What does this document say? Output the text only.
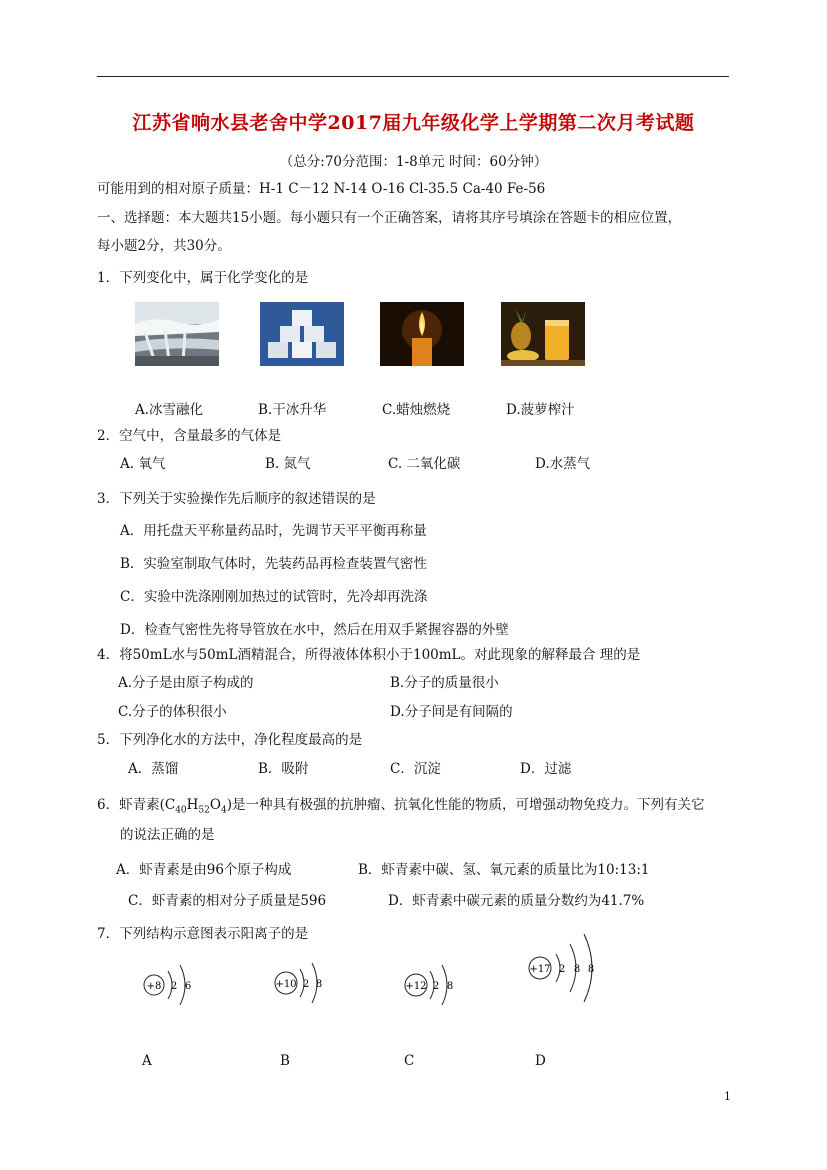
江苏省响水县老舍中学2017届九年级化学上学期第二次月考试题
（总分:70分范围：1-8单元 时间：60分钟）
可能用到的相对原子质量：H-1 C－12 N-14 O-16 Cl-35.5 Ca-40 Fe-56
一、选择题：本大题共15小题。每小题只有一个正确答案，请将其序号填涂在答题卡的相应位置，
每小题2分，共30分。
1．下列变化中，属于化学变化的是
A.冰雪融化	B.干冰升华	C.蜡烛燃烧	D.菠萝榨汁
2．空气中，含量最多的气体是
A. 氧气	B. 氮气	C. 二氧化碳	D.水蒸气
3．下列关于实验操作先后顺序的叙述错误的是
A．用托盘天平称量药品时，先调节天平平衡再称量
B．实验室制取气体时，先装药品再检查装置气密性
C．实验中洗涤刚刚加热过的试管时，先冷却再洗涤
D．检查气密性先将导管放在水中，然后在用双手紧握容器的外壁
4．将50mL水与50mL酒精混合，所得液体体积小于100mL。对此现象的解释最合 理的是
A.分子是由原子构成的	B.分子的质量很小
C.分子的体积很小	D.分子间是有间隔的
5．下列净化水的方法中，净化程度最高的是
A．蒸馏	B．吸附	C．沉淀	D．过滤
6．虾青素$(C_{40}H_{52}O_4)$是一种具有极强的抗肿瘤、抗氧化性能的物质，可增强动物免疫力。下列有关它
的说法正确的是
A．虾青素是由96个原子构成	B．虾青素中碳、氢、氧元素的质量比为10:13:1
C．虾青素的相对分子质量是596	D．虾青素中碳元素的质量分数约为41.7%
7．下列结构示意图表示阳离子的是
+8 2 6	+10 2 8	+12 2 8
+17 2 8 8
A	B	C	D
1
